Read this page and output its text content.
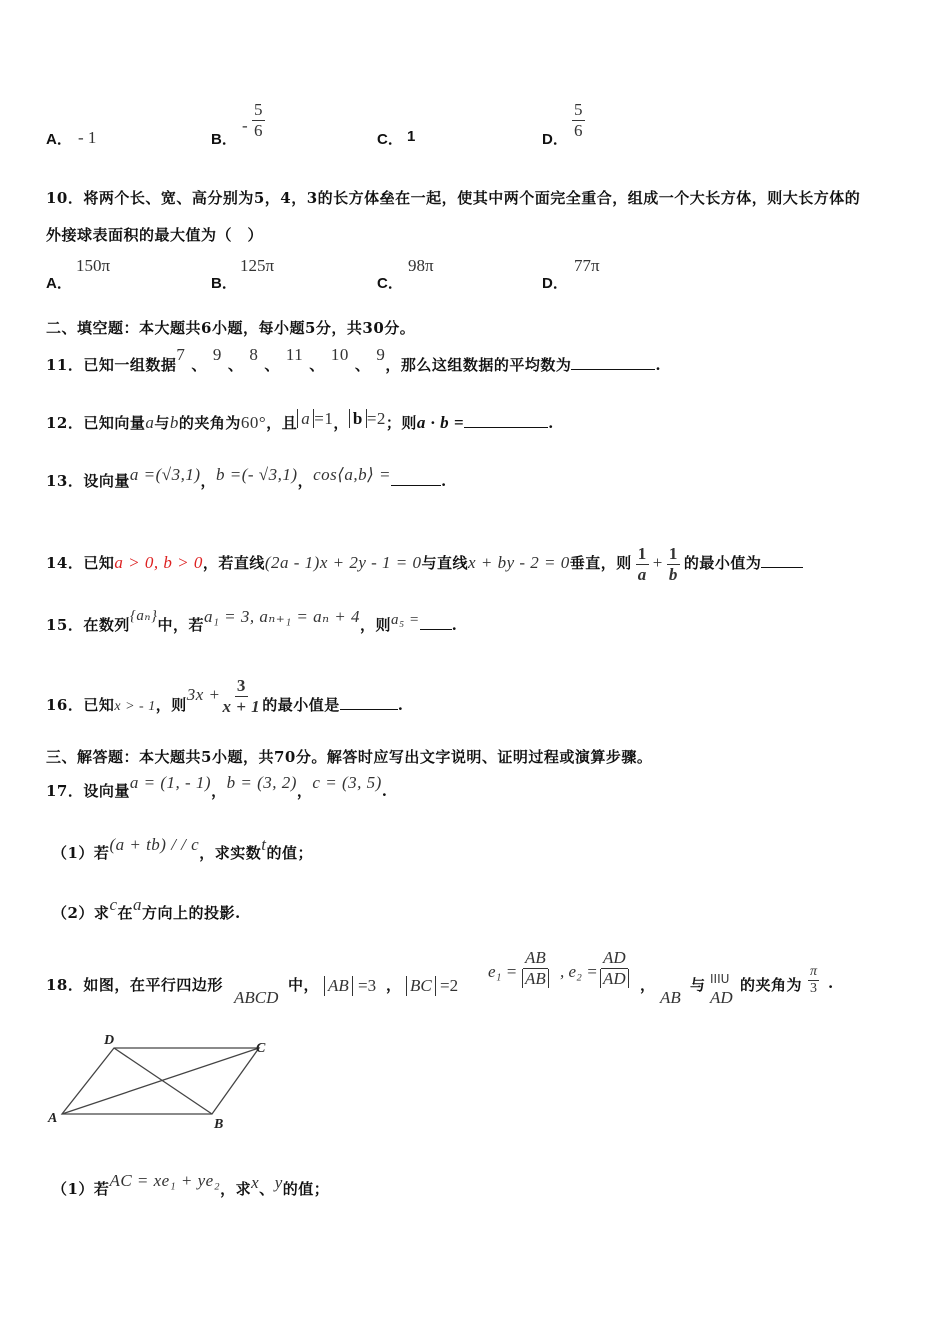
A． - 1	B．
- $\frac{5}{6}$	C． 1	D． $\frac{5}{6}$
10．将两个长、宽、高分别为5，4，3的长方体垒在一起，使其中两个面完全重合，组成一个大长方体，则大长方体的
外接球表面积的最大值为（　）
A．
150π
B．
125π
C．
98π
D．
77π
二、填空题：本大题共6小题，每小题5分，共30分。
11．已知一组数据7、9、8、11、10、9，那么这组数据的平均数为	.
12．已知向量a与b的夹角为60°，且 a =1， b =2；则a · b =	.
13．设向量a =(√3,1)，b =(- √3,1)，cos⟨a,b⟩ =	.
14．已知a > 0, b > 0，若直线(2a - 1)x + 2y - 1 = 0与直线x + by - 2 = 0垂直，则 $\frac{1}{a} + \frac{1}{b}$ 的最小值为
15．在数列{aₙ}中，若a₁ = 3, aₙ₊₁ = aₙ + 4，则a₅ = .
16．已知x > - 1，则$3x + \frac{3}{x + 1}$ 的最小值是	.
三、解答题：本大题共5小题，共70分。解答时应写出文字说明、证明过程或演算步骤。
17．设向量a = (1, - 1)，b = (3, 2)，c = (3, 5).
（1）若(a + tb) / / c，求实数t的值；
（2）求c在a方向上的投影.
18．如图，在平行四边形
ABCD
中， AB =3 ， BC =2
$e_1 = \frac{AB}{AB}$ , $e_2 = \frac{AD}{AD}$ ，
AB
与 ꓲꓲꓲꓴ
AD
的夹角为 $\frac{\pi}{3}$ .
A	B
C
D
（1）若AC = xe₁ + ye₂，求x、y的值；
